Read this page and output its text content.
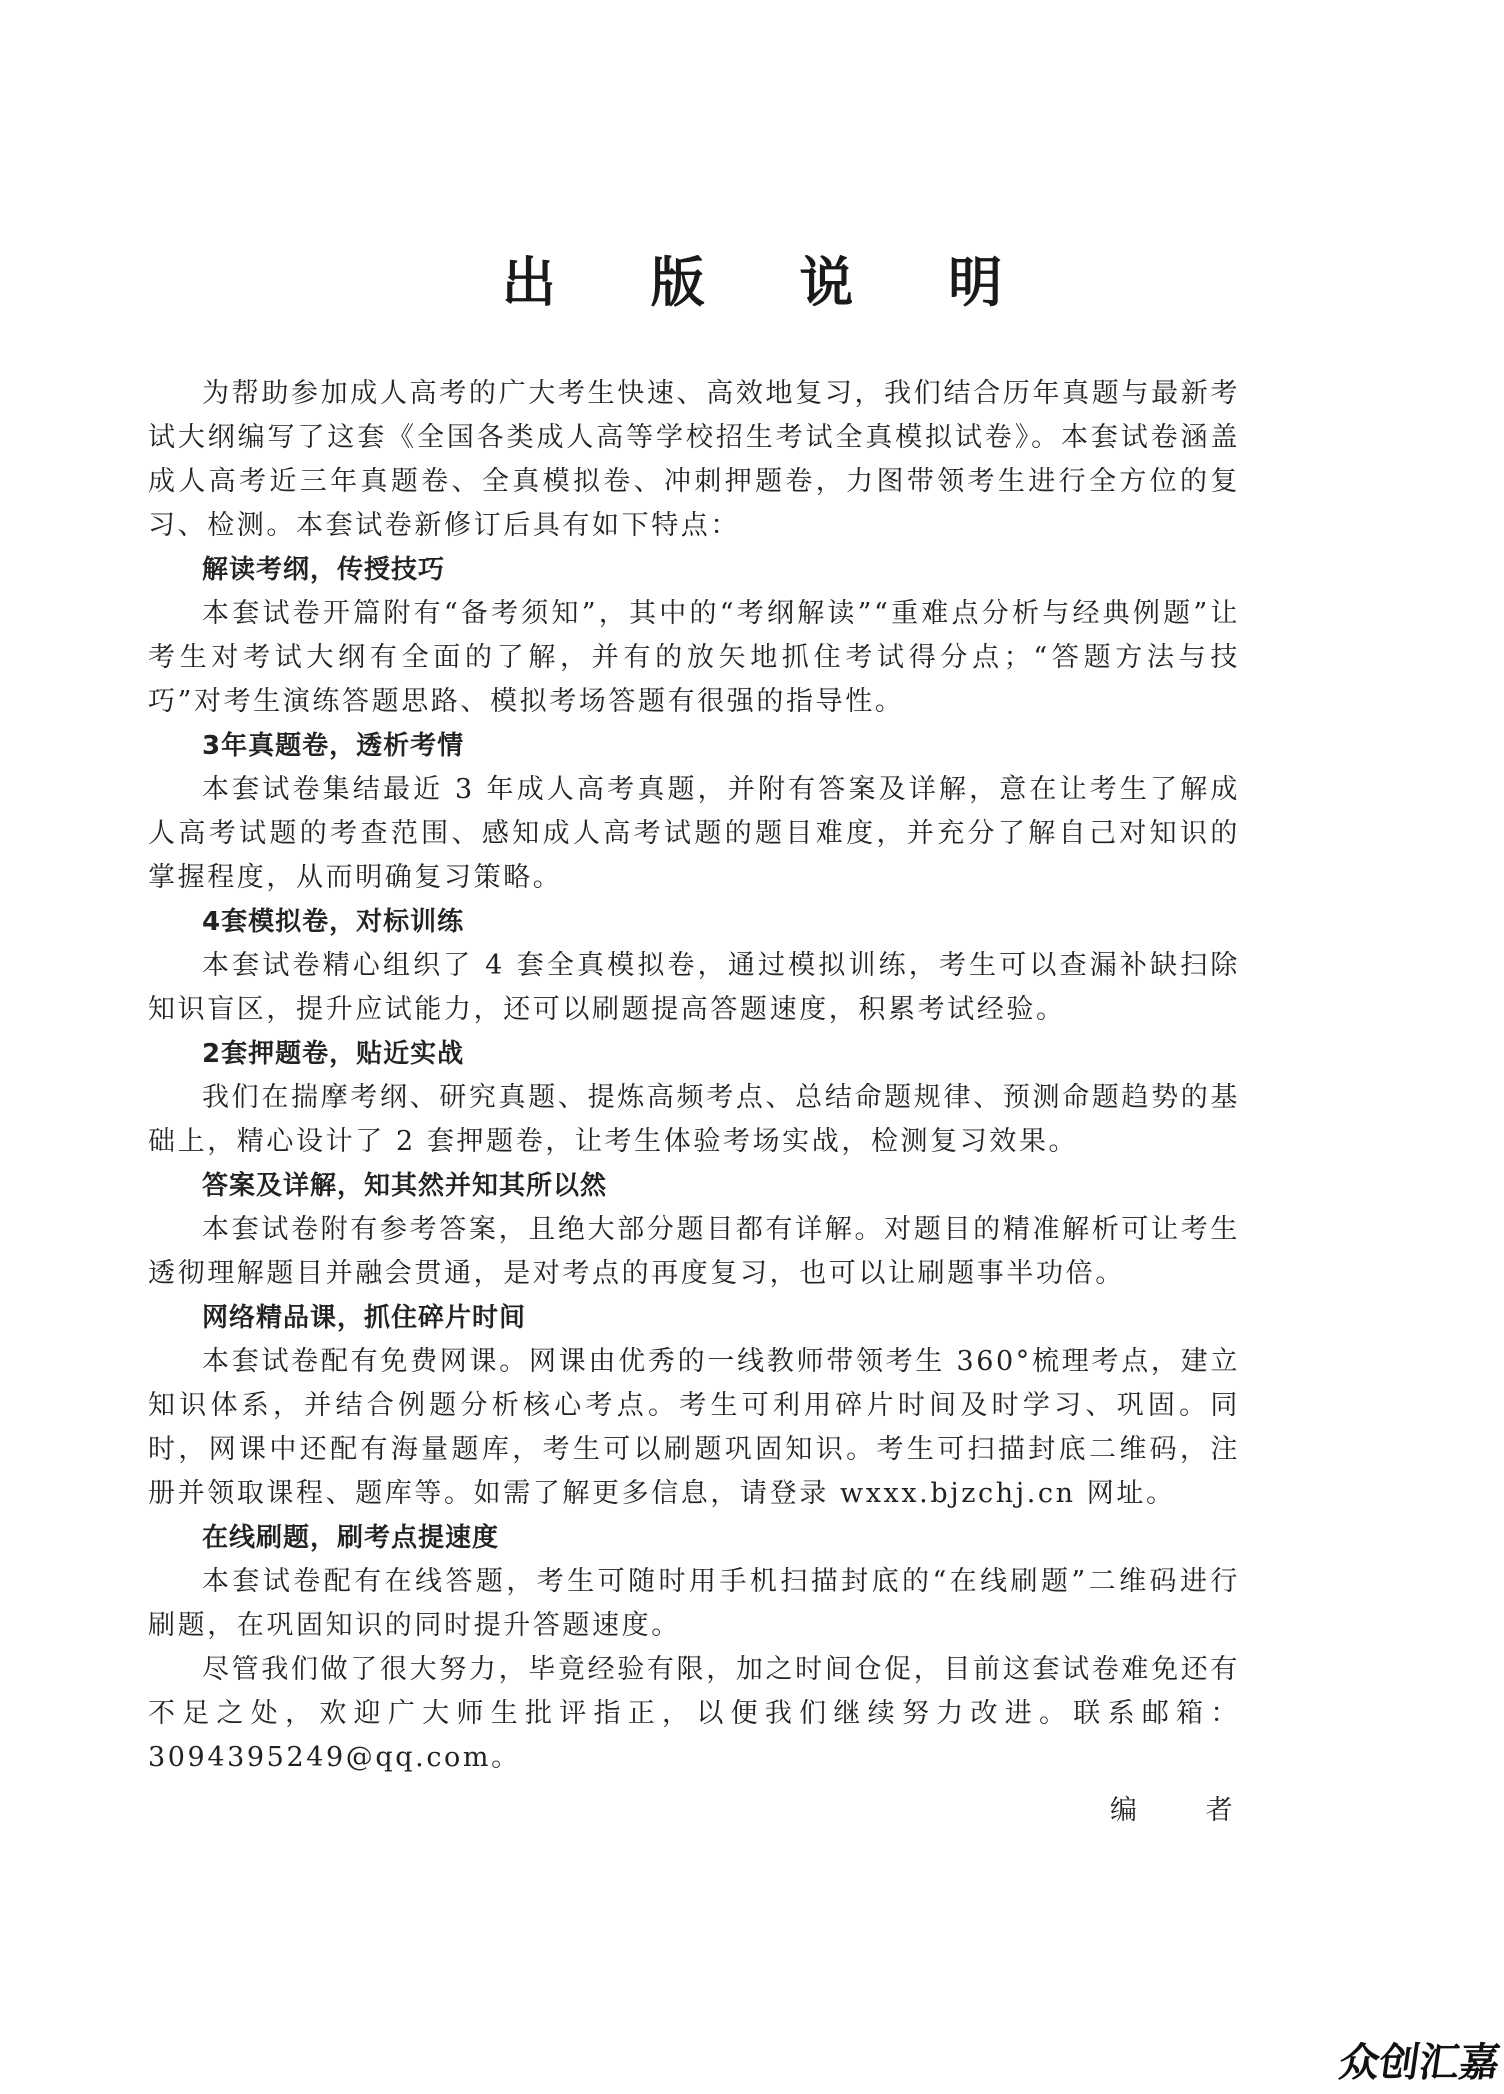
出 版 说 明

为帮助参加成人高考的广大考生快速、高效地复习，我们结合历年真题与最新考试大纲编写了这套《全国各类成人高等学校招生考试全真模拟试卷》。本套试卷涵盖成人高考近三年真题卷、全真模拟卷、冲刺押题卷，力图带领考生进行全方位的复习、检测。本套试卷新修订后具有如下特点：

解读考纲，传授技巧

本套试卷开篇附有“备考须知”，其中的“考纲解读”“重难点分析与经典例题”让考生对考试大纲有全面的了解，并有的放矢地抓住考试得分点；“答题方法与技巧”对考生演练答题思路、模拟考场答题有很强的指导性。

3年真题卷，透析考情

本套试卷集结最近 3 年成人高考真题，并附有答案及详解，意在让考生了解成人高考试题的考查范围、感知成人高考试题的题目难度，并充分了解自己对知识的掌握程度，从而明确复习策略。

4套模拟卷，对标训练

本套试卷精心组织了 4 套全真模拟卷，通过模拟训练，考生可以查漏补缺扫除知识盲区，提升应试能力，还可以刷题提高答题速度，积累考试经验。

2套押题卷，贴近实战

我们在揣摩考纲、研究真题、提炼高频考点、总结命题规律、预测命题趋势的基础上，精心设计了 2 套押题卷，让考生体验考场实战，检测复习效果。

答案及详解，知其然并知其所以然

本套试卷附有参考答案，且绝大部分题目都有详解。对题目的精准解析可让考生透彻理解题目并融会贯通，是对考点的再度复习，也可以让刷题事半功倍。

网络精品课，抓住碎片时间

本套试卷配有免费网课。网课由优秀的一线教师带领考生 360°梳理考点，建立知识体系，并结合例题分析核心考点。考生可利用碎片时间及时学习、巩固。同时，网课中还配有海量题库，考生可以刷题巩固知识。考生可扫描封底二维码，注册并领取课程、题库等。如需了解更多信息，请登录 wxxx.bjzchj.cn 网址。

在线刷题，刷考点提速度

本套试卷配有在线答题，考生可随时用手机扫描封底的“在线刷题”二维码进行刷题，在巩固知识的同时提升答题速度。

尽管我们做了很大努力，毕竟经验有限，加之时间仓促，目前这套试卷难免还有不足之处，欢迎广大师生批评指正，以便我们继续努力改进。联系邮箱：3094395249@qq.com。

编 者
众创汇嘉
